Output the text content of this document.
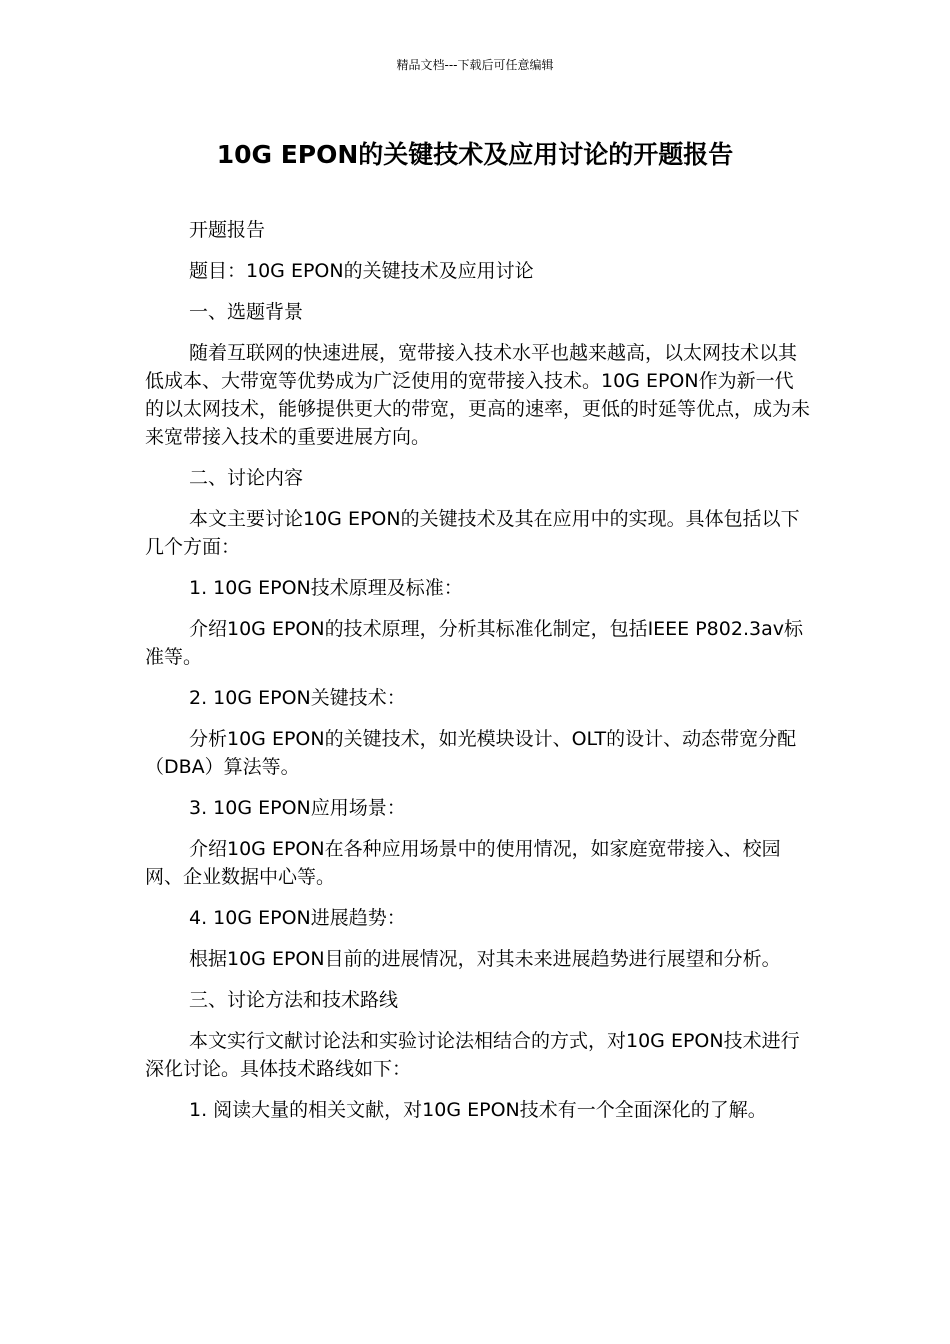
精品文档---下载后可任意编辑
10G EPON的关键技术及应用讨论的开题报告

开题报告

题目：10G EPON的关键技术及应用讨论

一、选题背景

随着互联网的快速进展，宽带接入技术水平也越来越高，以太网技术以其低成本、大带宽等优势成为广泛使用的宽带接入技术。10G EPON作为新一代的以太网技术，能够提供更大的带宽，更高的速率，更低的时延等优点，成为未来宽带接入技术的重要进展方向。

二、讨论内容

本文主要讨论10G EPON的关键技术及其在应用中的实现。具体包括以下几个方面：

1. 10G EPON技术原理及标准：

介绍10G EPON的技术原理，分析其标准化制定，包括IEEE P802.3av标准等。

2. 10G EPON关键技术：

分析10G EPON的关键技术，如光模块设计、OLT的设计、动态带宽分配（DBA）算法等。

3. 10G EPON应用场景：

介绍10G EPON在各种应用场景中的使用情况，如家庭宽带接入、校园网、企业数据中心等。

4. 10G EPON进展趋势：

根据10G EPON目前的进展情况，对其未来进展趋势进行展望和分析。

三、讨论方法和技术路线

本文实行文献讨论法和实验讨论法相结合的方式，对10G EPON技术进行深化讨论。具体技术路线如下：

1. 阅读大量的相关文献，对10G EPON技术有一个全面深化的了解。
